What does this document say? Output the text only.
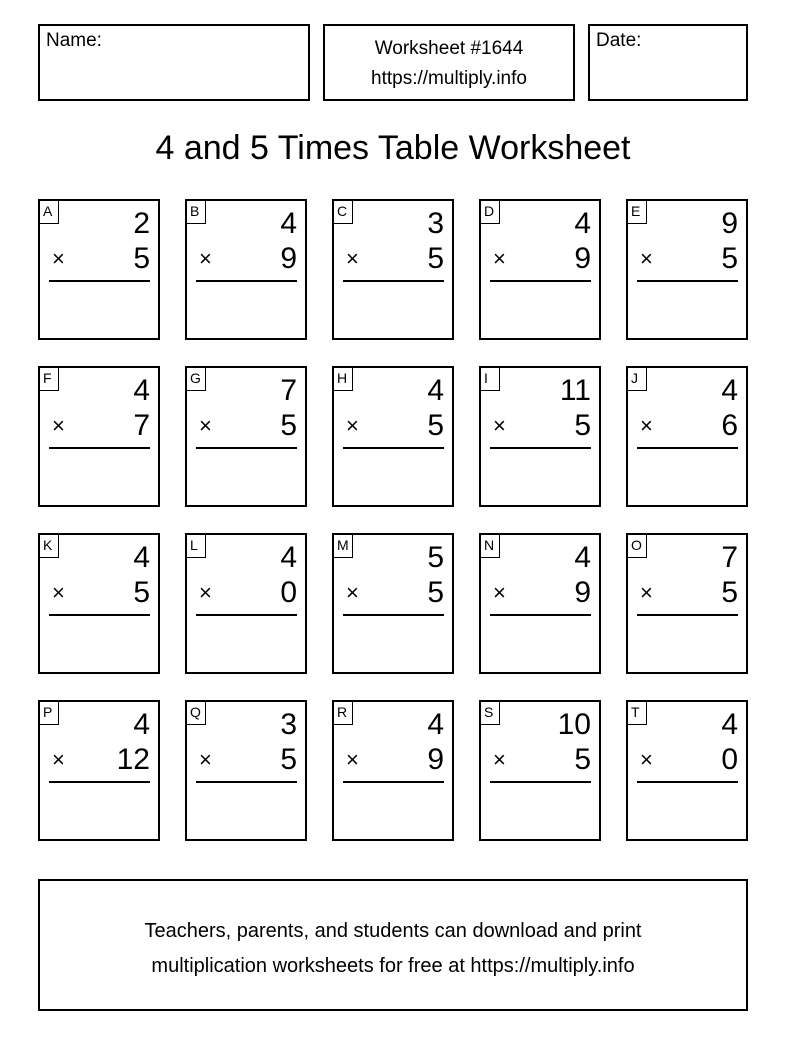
Name:	Worksheet #1644
https://multiply.info
Date:
4 and 5 Times Table Worksheet
A	2
× 5
B	4
× 9
C	3
× 5
D	4
× 9
E	9
× 5
F	4
× 7
G	7
× 5
H	4
× 5
I	11
× 5
J	4
× 6
K	4
× 5
L	4
× 0
M	5
× 5
N	4
× 9
O	7
× 5
P	4
× 12
Q	3
× 5
R	4
× 9
S 10
× 5
T	4
× 0
Teachers, parents, and students can download and print
multiplication worksheets for free at https://multiply.info
